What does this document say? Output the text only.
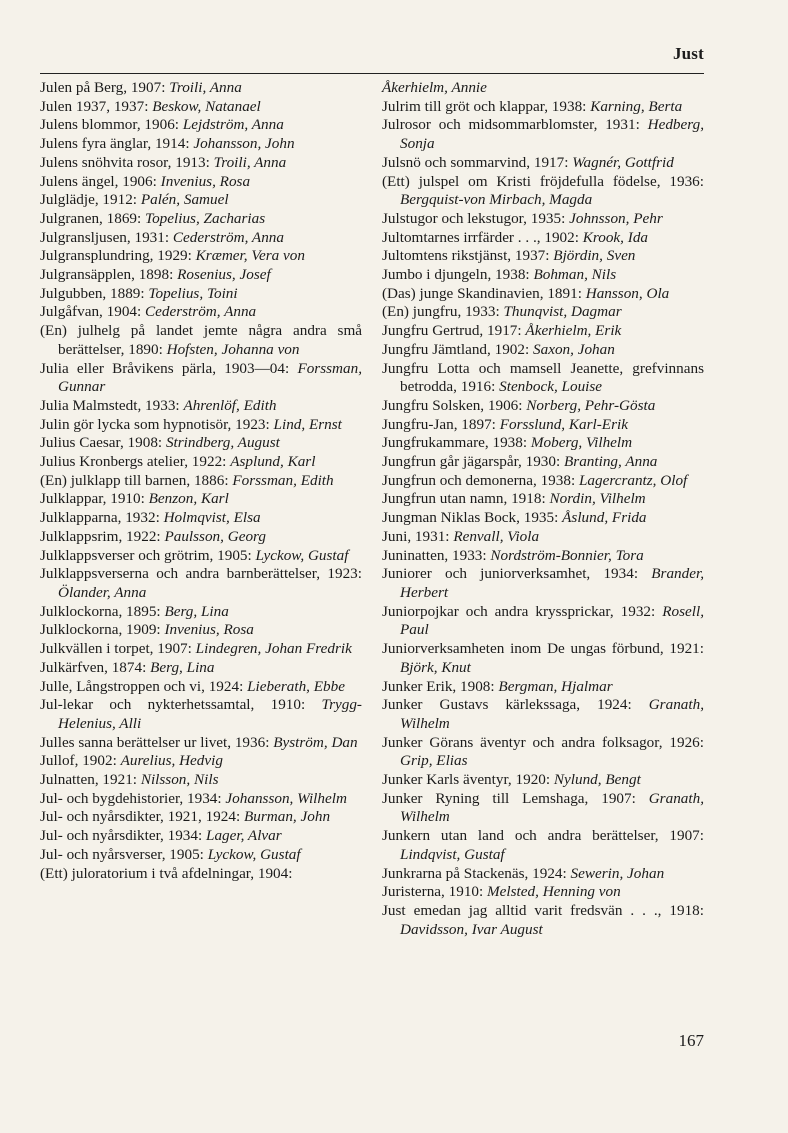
Just

Julen på Berg, 1907: Troili, Anna

Julen 1937, 1937: Beskow, Natanael

Julens blommor, 1906: Lejdström, Anna

Julens fyra änglar, 1914: Johansson, John

Julens snöhvita rosor, 1913: Troili, Anna

Julens ängel, 1906: Invenius, Rosa

Julglädje, 1912: Palén, Samuel

Julgranen, 1869: Topelius, Zacharias

Julgransljusen, 1931: Cederström, Anna

Julgransplundring, 1929: Kræmer, Vera von

Julgransäpplen, 1898: Rosenius, Josef

Julgubben, 1889: Topelius, Toini

Julgåfvan, 1904: Cederström, Anna

(En) julhelg på landet jemte några andra små berättelser, 1890: Hofsten, Johanna von

Julia eller Bråvikens pärla, 1903—04: Forssman, Gunnar

Julia Malmstedt, 1933: Ahrenlöf, Edith

Julin gör lycka som hypnotisör, 1923: Lind, Ernst

Julius Caesar, 1908: Strindberg, August

Julius Kronbergs atelier, 1922: Asplund, Karl

(En) julklapp till barnen, 1886: Forssman, Edith

Julklappar, 1910: Benzon, Karl

Julklapparna, 1932: Holmqvist, Elsa

Julklappsrim, 1922: Paulsson, Georg

Julklappsverser och grötrim, 1905: Lyckow, Gustaf

Julklappsverserna och andra barnberättelser, 1923: Ölander, Anna

Julklockorna, 1895: Berg, Lina

Julklockorna, 1909: Invenius, Rosa

Julkvällen i torpet, 1907: Lindegren, Johan Fredrik

Julkärfven, 1874: Berg, Lina

Julle, Långstroppen och vi, 1924: Lieberath, Ebbe

Jul-lekar och nykterhetssamtal, 1910: Trygg-Helenius, Alli

Julles sanna berättelser ur livet, 1936: Byström, Dan

Jullof, 1902: Aurelius, Hedvig

Julnatten, 1921: Nilsson, Nils

Jul- och bygdehistorier, 1934: Johansson, Wilhelm

Jul- och nyårsdikter, 1921, 1924: Burman, John

Jul- och nyårsdikter, 1934: Lager, Alvar

Jul- och nyårsverser, 1905: Lyckow, Gustaf

(Ett) juloratorium i två afdelningar, 1904:

Åkerhielm, Annie

Julrim till gröt och klappar, 1938: Karning, Berta

Julrosor och midsommarblomster, 1931: Hedberg, Sonja

Julsnö och sommarvind, 1917: Wagnér, Gottfrid

(Ett) julspel om Kristi fröjdefulla födelse, 1936: Bergquist-von Mirbach, Magda

Julstugor och lekstugor, 1935: Johnsson, Pehr

Jultomtarnes irrfärder . . ., 1902: Krook, Ida

Jultomtens rikstjänst, 1937: Björdin, Sven

Jumbo i djungeln, 1938: Bohman, Nils

(Das) junge Skandinavien, 1891: Hansson, Ola

(En) jungfru, 1933: Thunqvist, Dagmar

Jungfru Gertrud, 1917: Åkerhielm, Erik

Jungfru Jämtland, 1902: Saxon, Johan

Jungfru Lotta och mamsell Jeanette, grefvinnans betrodda, 1916: Stenbock, Louise

Jungfru Solsken, 1906: Norberg, Pehr-Gösta

Jungfru-Jan, 1897: Forsslund, Karl-Erik

Jungfrukammare, 1938: Moberg, Vilhelm

Jungfrun går jägarspår, 1930: Branting, Anna

Jungfrun och demonerna, 1938: Lagercrantz, Olof

Jungfrun utan namn, 1918: Nordin, Vilhelm

Jungman Niklas Bock, 1935: Åslund, Frida

Juni, 1931: Renvall, Viola

Juninatten, 1933: Nordström-Bonnier, Tora

Juniorer och juniorverksamhet, 1934: Brander, Herbert

Juniorpojkar och andra kryssprickar, 1932: Rosell, Paul

Juniorverksamheten inom De ungas förbund, 1921: Björk, Knut

Junker Erik, 1908: Bergman, Hjalmar

Junker Gustavs kärlekssaga, 1924: Granath, Wilhelm

Junker Görans äventyr och andra folksagor, 1926: Grip, Elias

Junker Karls äventyr, 1920: Nylund, Bengt

Junker Ryning till Lemshaga, 1907: Granath, Wilhelm

Junkern utan land och andra berättelser, 1907: Lindqvist, Gustaf

Junkrarna på Stackenäs, 1924: Sewerin, Johan

Juristerna, 1910: Melsted, Henning von

Just emedan jag alltid varit fredsvän . . ., 1918: Davidsson, Ivar August

167
